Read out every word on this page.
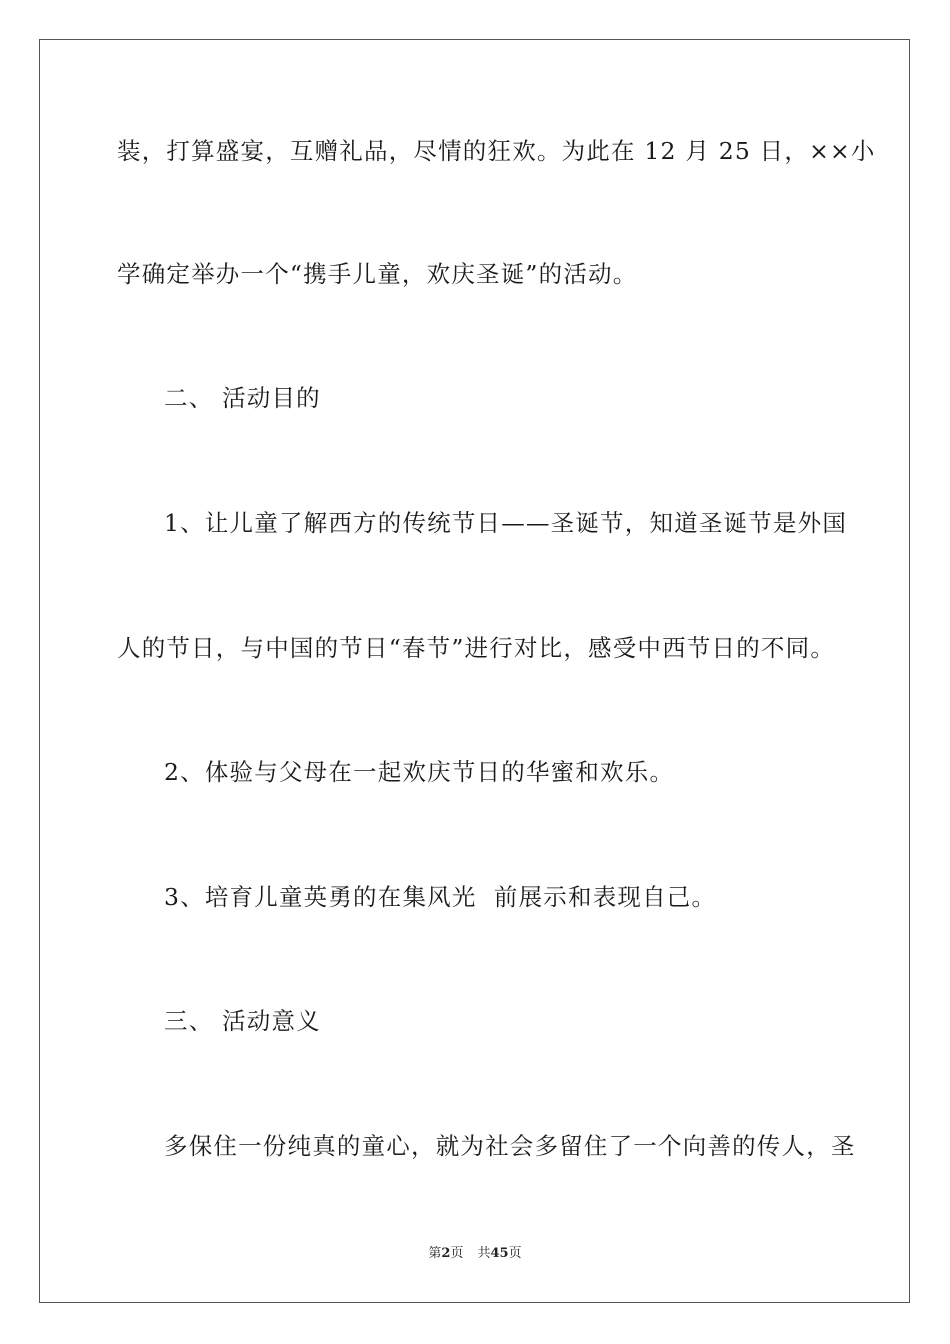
装，打算盛宴，互赠礼品，尽情的狂欢。为此在 12 月 25 日，××小
学确定举办一个“携手儿童，欢庆圣诞”的活动。
二、 活动目的
1、让儿童了解西方的传统节日——圣诞节，知道圣诞节是外国
人的节日，与中国的节日“春节”进行对比，感受中西节日的不同。
2、体验与父母在一起欢庆节日的华蜜和欢乐。
3、培育儿童英勇的在集风光  前展示和表现自己。
三、 活动意义
多保住一份纯真的童心，就为社会多留住了一个向善的传人，圣
第2页 共45页
